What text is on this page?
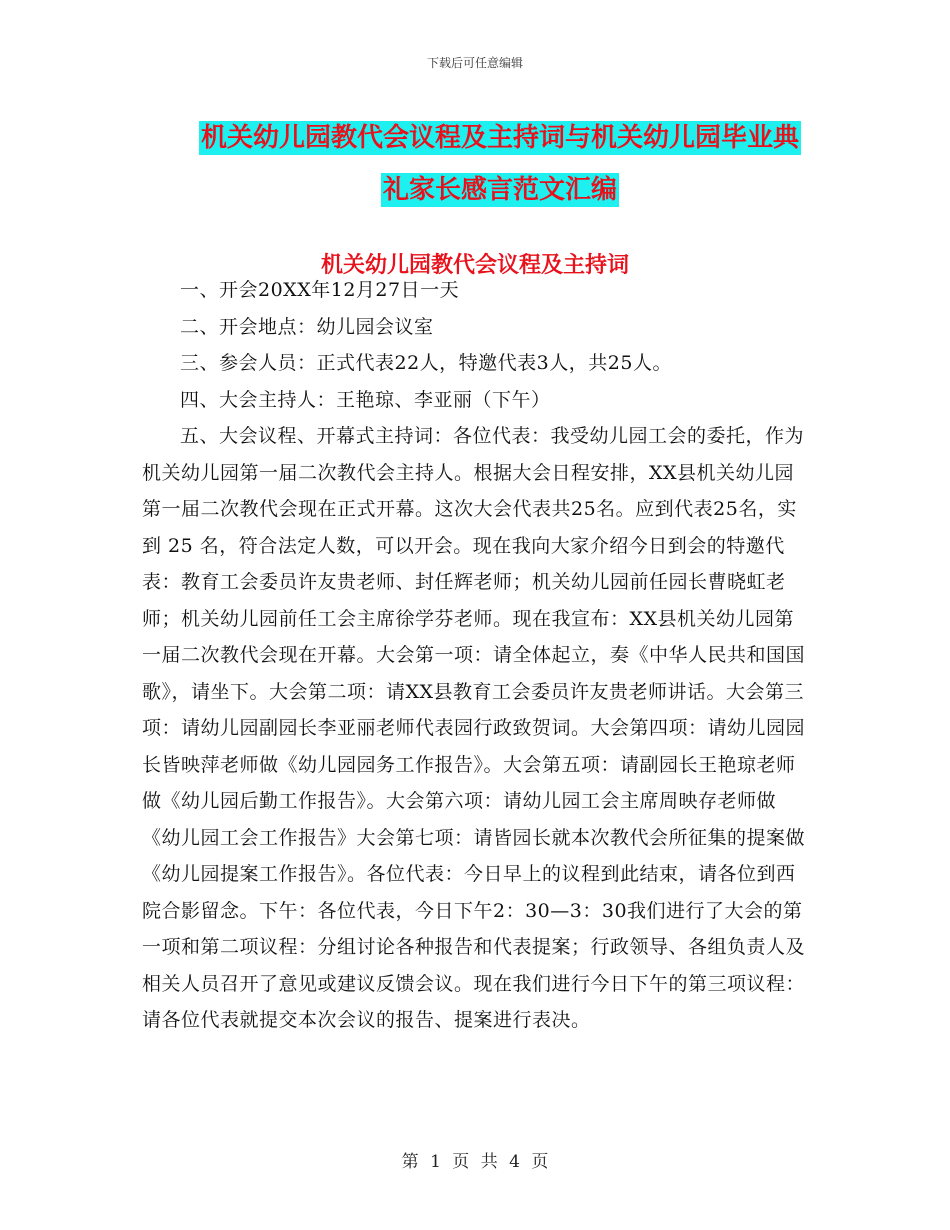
下载后可任意编辑
机关幼儿园教代会议程及主持词与机关幼儿园毕业典
礼家长感言范文汇编
机关幼儿园教代会议程及主持词

一、开会20XX年12月27日一天

二、开会地点：幼儿园会议室

三、参会人员：正式代表22人，特邀代表3人，共25人。

四、大会主持人：王艳琼、李亚丽（下午）

五、大会议程、开幕式主持词：各位代表：我受幼儿园工会的委托，作为机关幼儿园第一届二次教代会主持人。根据大会日程安排，XX县机关幼儿园第一届二次教代会现在正式开幕。这次大会代表共25名。应到代表25名，实到 25 名，符合法定人数，可以开会。现在我向大家介绍今日到会的特邀代表：教育工会委员许友贵老师、封任辉老师；机关幼儿园前任园长曹晓虹老师；机关幼儿园前任工会主席徐学芬老师。现在我宣布：XX县机关幼儿园第一届二次教代会现在开幕。大会第一项：请全体起立，奏《中华人民共和国国歌》，请坐下。大会第二项：请XX县教育工会委员许友贵老师讲话。大会第三项：请幼儿园副园长李亚丽老师代表园行政致贺词。大会第四项：请幼儿园园长皆映萍老师做《幼儿园园务工作报告》。大会第五项：请副园长王艳琼老师做《幼儿园后勤工作报告》。大会第六项：请幼儿园工会主席周映存老师做《幼儿园工会工作报告》大会第七项：请皆园长就本次教代会所征集的提案做《幼儿园提案工作报告》。各位代表：今日早上的议程到此结束，请各位到西院合影留念。下午：各位代表，今日下午2：30—3：30我们进行了大会的第一项和第二项议程：分组讨论各种报告和代表提案；行政领导、各组负责人及相关人员召开了意见或建议反馈会议。现在我们进行今日下午的第三项议程：请各位代表就提交本次会议的报告、提案进行表决。

第 1 页 共 4 页
